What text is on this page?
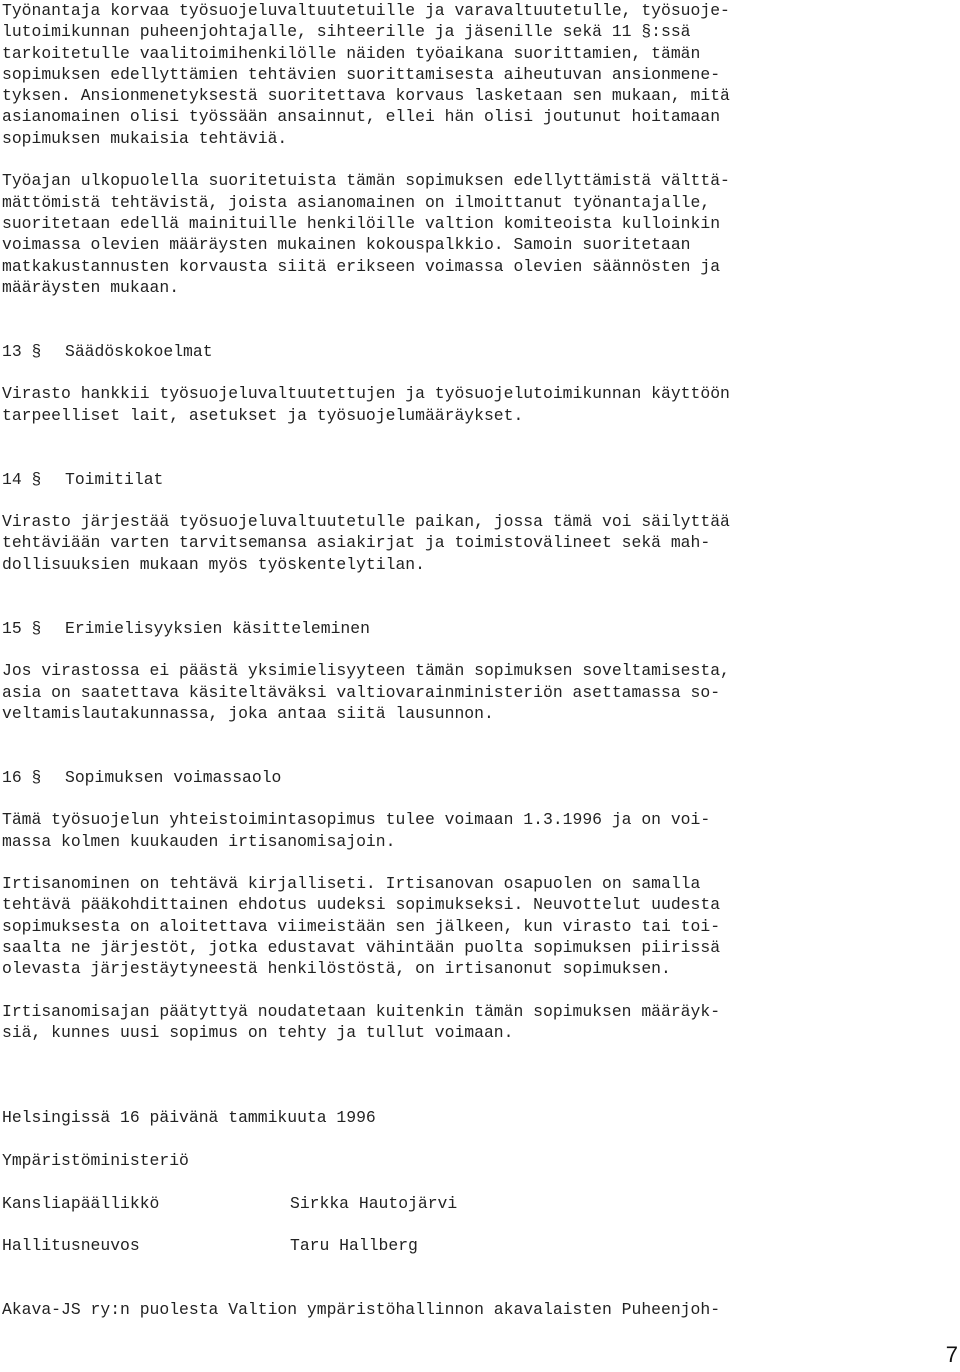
Työnantaja korvaa työsuojeluvaltuutetuille ja varavaltuutetulle, työsuoje-
lutoimikunnan puheenjohtajalle, sihteerille ja jäsenille sekä 11 §:ssä
tarkoitetulle vaalitoimihenkilölle näiden työaikana suorittamien, tämän
sopimuksen edellyttämien tehtävien suorittamisesta aiheutuvan ansionmene-
tyksen. Ansionmenetyksestä suoritettava korvaus lasketaan sen mukaan, mitä
asianomainen olisi työssään ansainnut, ellei hän olisi joutunut hoitamaan
sopimuksen mukaisia tehtäviä.
Työajan ulkopuolella suoritetuista tämän sopimuksen edellyttämistä välttä-
mättömistä tehtävistä, joista asianomainen on ilmoittanut työnantajalle,
suoritetaan edellä mainituille henkilöille valtion komiteoista kulloinkin
voimassa olevien määräysten mukainen kokouspalkkio. Samoin suoritetaan
matkakustannusten korvausta siitä erikseen voimassa olevien säännösten ja
määräysten mukaan.
13 §	Säädöskokoelmat
Virasto hankkii työsuojeluvaltuutettujen ja työsuojelutoimikunnan käyttöön
tarpeelliset lait, asetukset ja työsuojelumääräykset.
14 §	Toimitilat
Virasto järjestää työsuojeluvaltuutetulle paikan, jossa tämä voi säilyttää
tehtäviään varten tarvitsemansa asiakirjat ja toimistovälineet sekä mah-
dollisuuksien mukaan myös työskentelytilan.
15 §	Erimielisyyksien käsitteleminen
Jos virastossa ei päästä yksimielisyyteen tämän sopimuksen soveltamisesta,
asia on saatettava käsiteltäväksi valtiovarainministeriön asettamassa so-
veltamislautakunnassa, joka antaa siitä lausunnon.
16 §	Sopimuksen voimassaolo
Tämä työsuojelun yhteistoimintasopimus tulee voimaan 1.3.1996 ja on voi-
massa kolmen kuukauden irtisanomisajoin.
Irtisanominen on tehtävä kirjalliseti. Irtisanovan osapuolen on samalla
tehtävä pääkohdittainen ehdotus uudeksi sopimukseksi. Neuvottelut uudesta
sopimuksesta on aloitettava viimeistään sen jälkeen, kun virasto tai toi-
saalta ne järjestöt, jotka edustavat vähintään puolta sopimuksen piirissä
olevasta järjestäytyneestä henkilöstöstä, on irtisanonut sopimuksen.
Irtisanomisajan päätyttyä noudatetaan kuitenkin tämän sopimuksen määräyk-
siä, kunnes uusi sopimus on tehty ja tullut voimaan.
Helsingissä 16 päivänä tammikuuta 1996
Ympäristöministeriö
Kansliapäällikkö	Sirkka Hautojärvi
Hallitusneuvos	Taru Hallberg
Akava-JS ry:n puolesta Valtion ympäristöhallinnon akavalaisten Puheenjoh-
7
